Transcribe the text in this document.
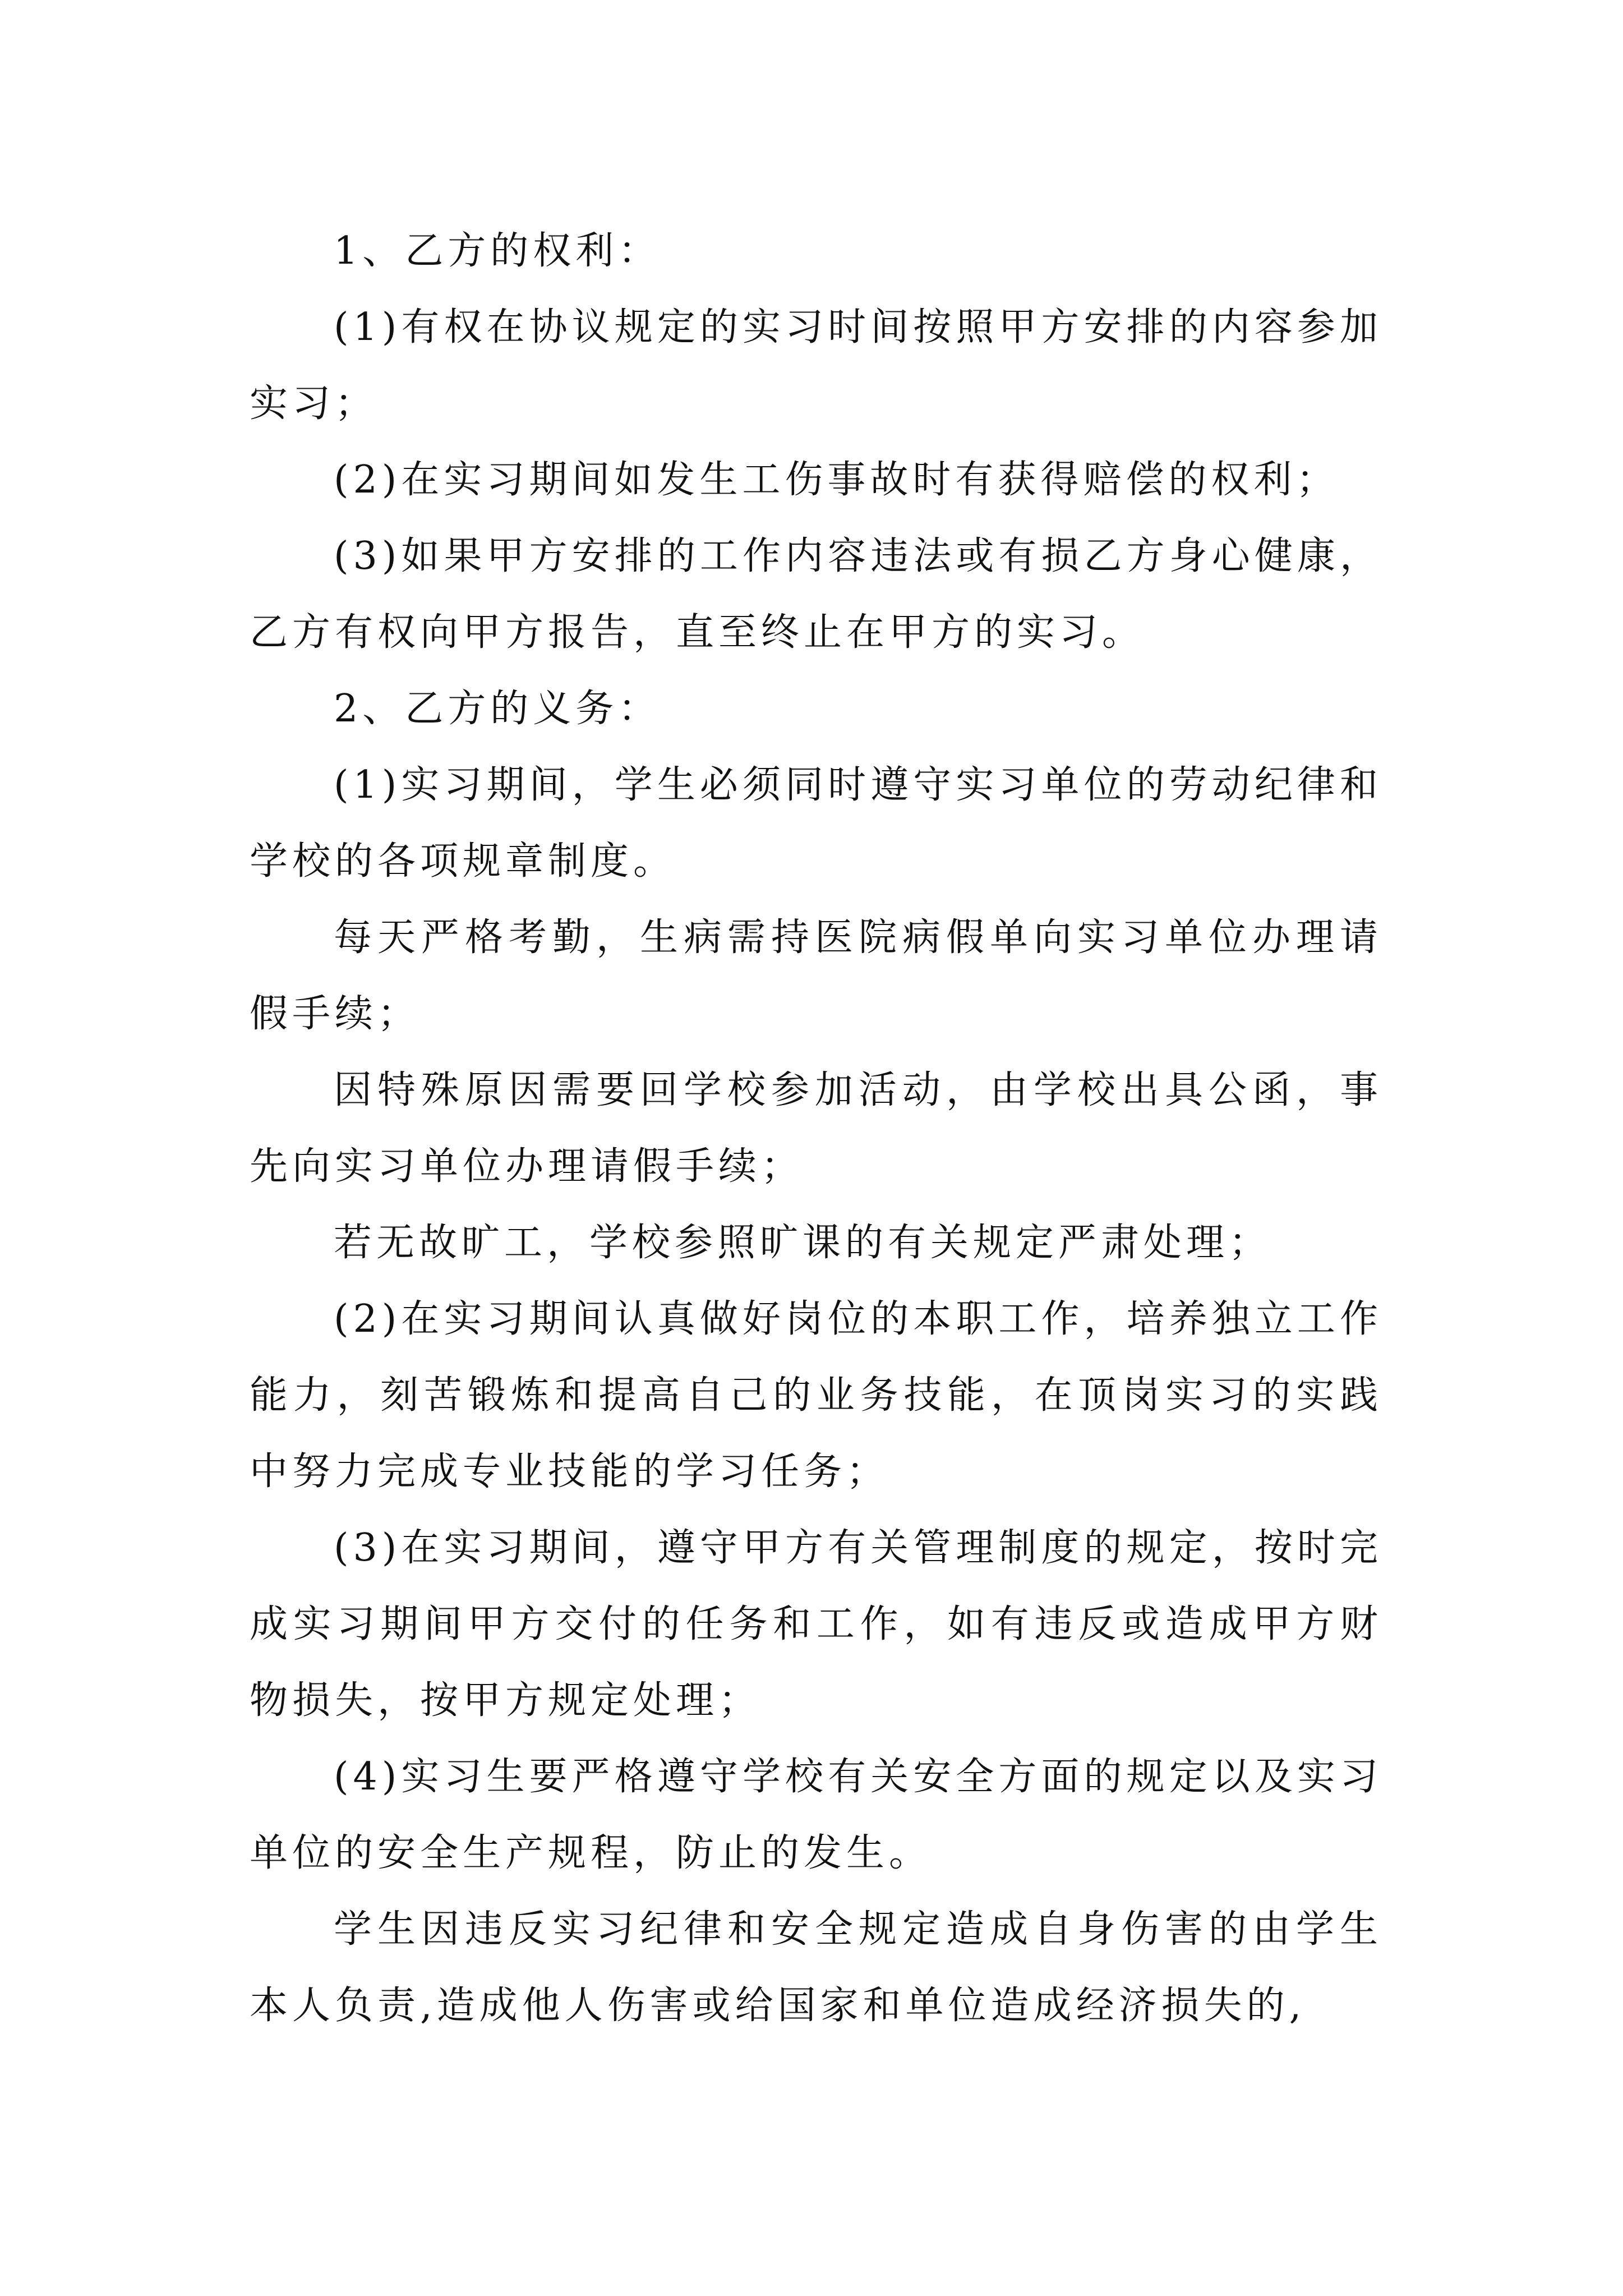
1、乙方的权利：

(1)有权在协议规定的实习时间按照甲方安排的内容参加实习；

(2)在实习期间如发生工伤事故时有获得赔偿的权利；

(3)如果甲方安排的工作内容违法或有损乙方身心健康，乙方有权向甲方报告，直至终止在甲方的实习。

2、乙方的义务：

(1)实习期间，学生必须同时遵守实习单位的劳动纪律和学校的各项规章制度。

每天严格考勤，生病需持医院病假单向实习单位办理请假手续；

因特殊原因需要回学校参加活动，由学校出具公函，事先向实习单位办理请假手续；

若无故旷工，学校参照旷课的有关规定严肃处理；

(2)在实习期间认真做好岗位的本职工作，培养独立工作能力，刻苦锻炼和提高自己的业务技能，在顶岗实习的实践中努力完成专业技能的学习任务；

(3)在实习期间，遵守甲方有关管理制度的规定，按时完成实习期间甲方交付的任务和工作，如有违反或造成甲方财物损失，按甲方规定处理；

(4)实习生要严格遵守学校有关安全方面的规定以及实习单位的安全生产规程，防止的发生。

学生因违反实习纪律和安全规定造成自身伤害的由学生本人负责,造成他人伤害或给国家和单位造成经济损失的,
